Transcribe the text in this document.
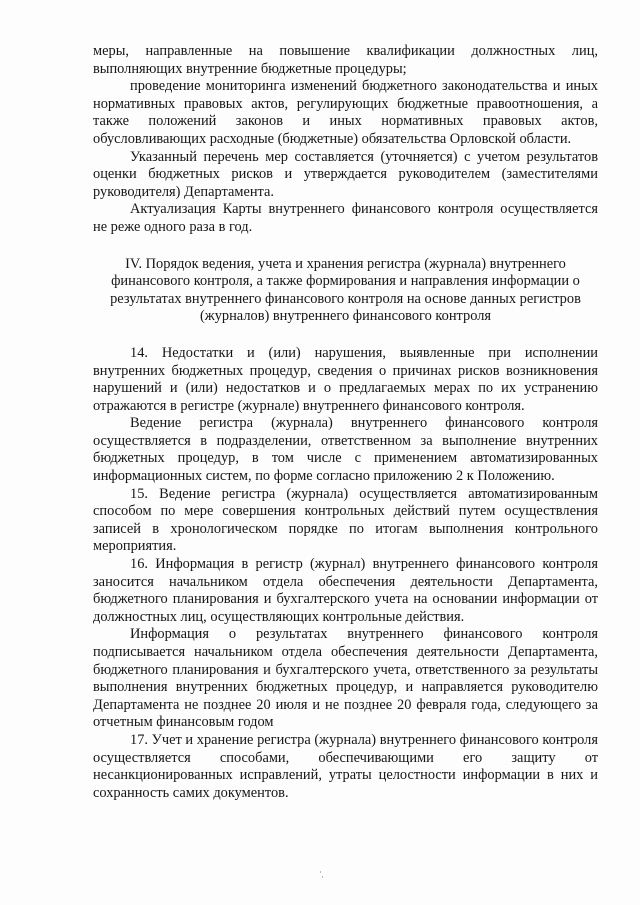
меры, направленные на повышение квалификации должностных лиц, выполняющих внутренние бюджетные процедуры;

проведение мониторинга изменений бюджетного законодательства и иных нормативных правовых актов, регулирующих бюджетные правоотношения, а также положений законов и иных нормативных правовых актов, обусловливающих расходные (бюджетные) обязательства Орловской области.

Указанный перечень мер составляется (уточняется) с учетом результатов оценки бюджетных рисков и утверждается руководителем (заместителями руководителя) Департамента.

Актуализация Карты внутреннего финансового контроля осуществляется не реже одного раза в год.

IV. Порядок ведения, учета и хранения регистра (журнала) внутреннего финансового контроля, а также формирования и направления информации о результатах внутреннего финансового контроля на основе данных регистров (журналов) внутреннего финансового контроля

14. Недостатки и (или) нарушения, выявленные при исполнении внутренних бюджетных процедур, сведения о причинах рисков возникновения нарушений и (или) недостатков и о предлагаемых мерах по их устранению отражаются в регистре (журнале) внутреннего финансового контроля.

Ведение регистра (журнала) внутреннего финансового контроля осуществляется в подразделении, ответственном за выполнение внутренних бюджетных процедур, в том числе с применением автоматизированных информационных систем, по форме согласно приложению 2 к Положению.

15. Ведение регистра (журнала) осуществляется автоматизированным способом по мере совершения контрольных действий путем осуществления записей в хронологическом порядке по итогам выполнения контрольного мероприятия.

16. Информация в регистр (журнал) внутреннего финансового контроля заносится начальником отдела обеспечения деятельности Департамента, бюджетного планирования и бухгалтерского учета на основании информации от должностных лиц, осуществляющих контрольные действия.

Информация о результатах внутреннего финансового контроля подписывается начальником отдела обеспечения деятельности Департамента, бюджетного планирования и бухгалтерского учета, ответственного за результаты выполнения внутренних бюджетных процедур, и направляется руководителю Департамента не позднее 20 июля и не позднее 20 февраля года, следующего за отчетным финансовым годом

17. Учет и хранение регистра (журнала) внутреннего финансового контроля осуществляется способами, обеспечивающими его защиту от несанкционированных исправлений, утраты целостности информации в них и сохранность самих документов.
